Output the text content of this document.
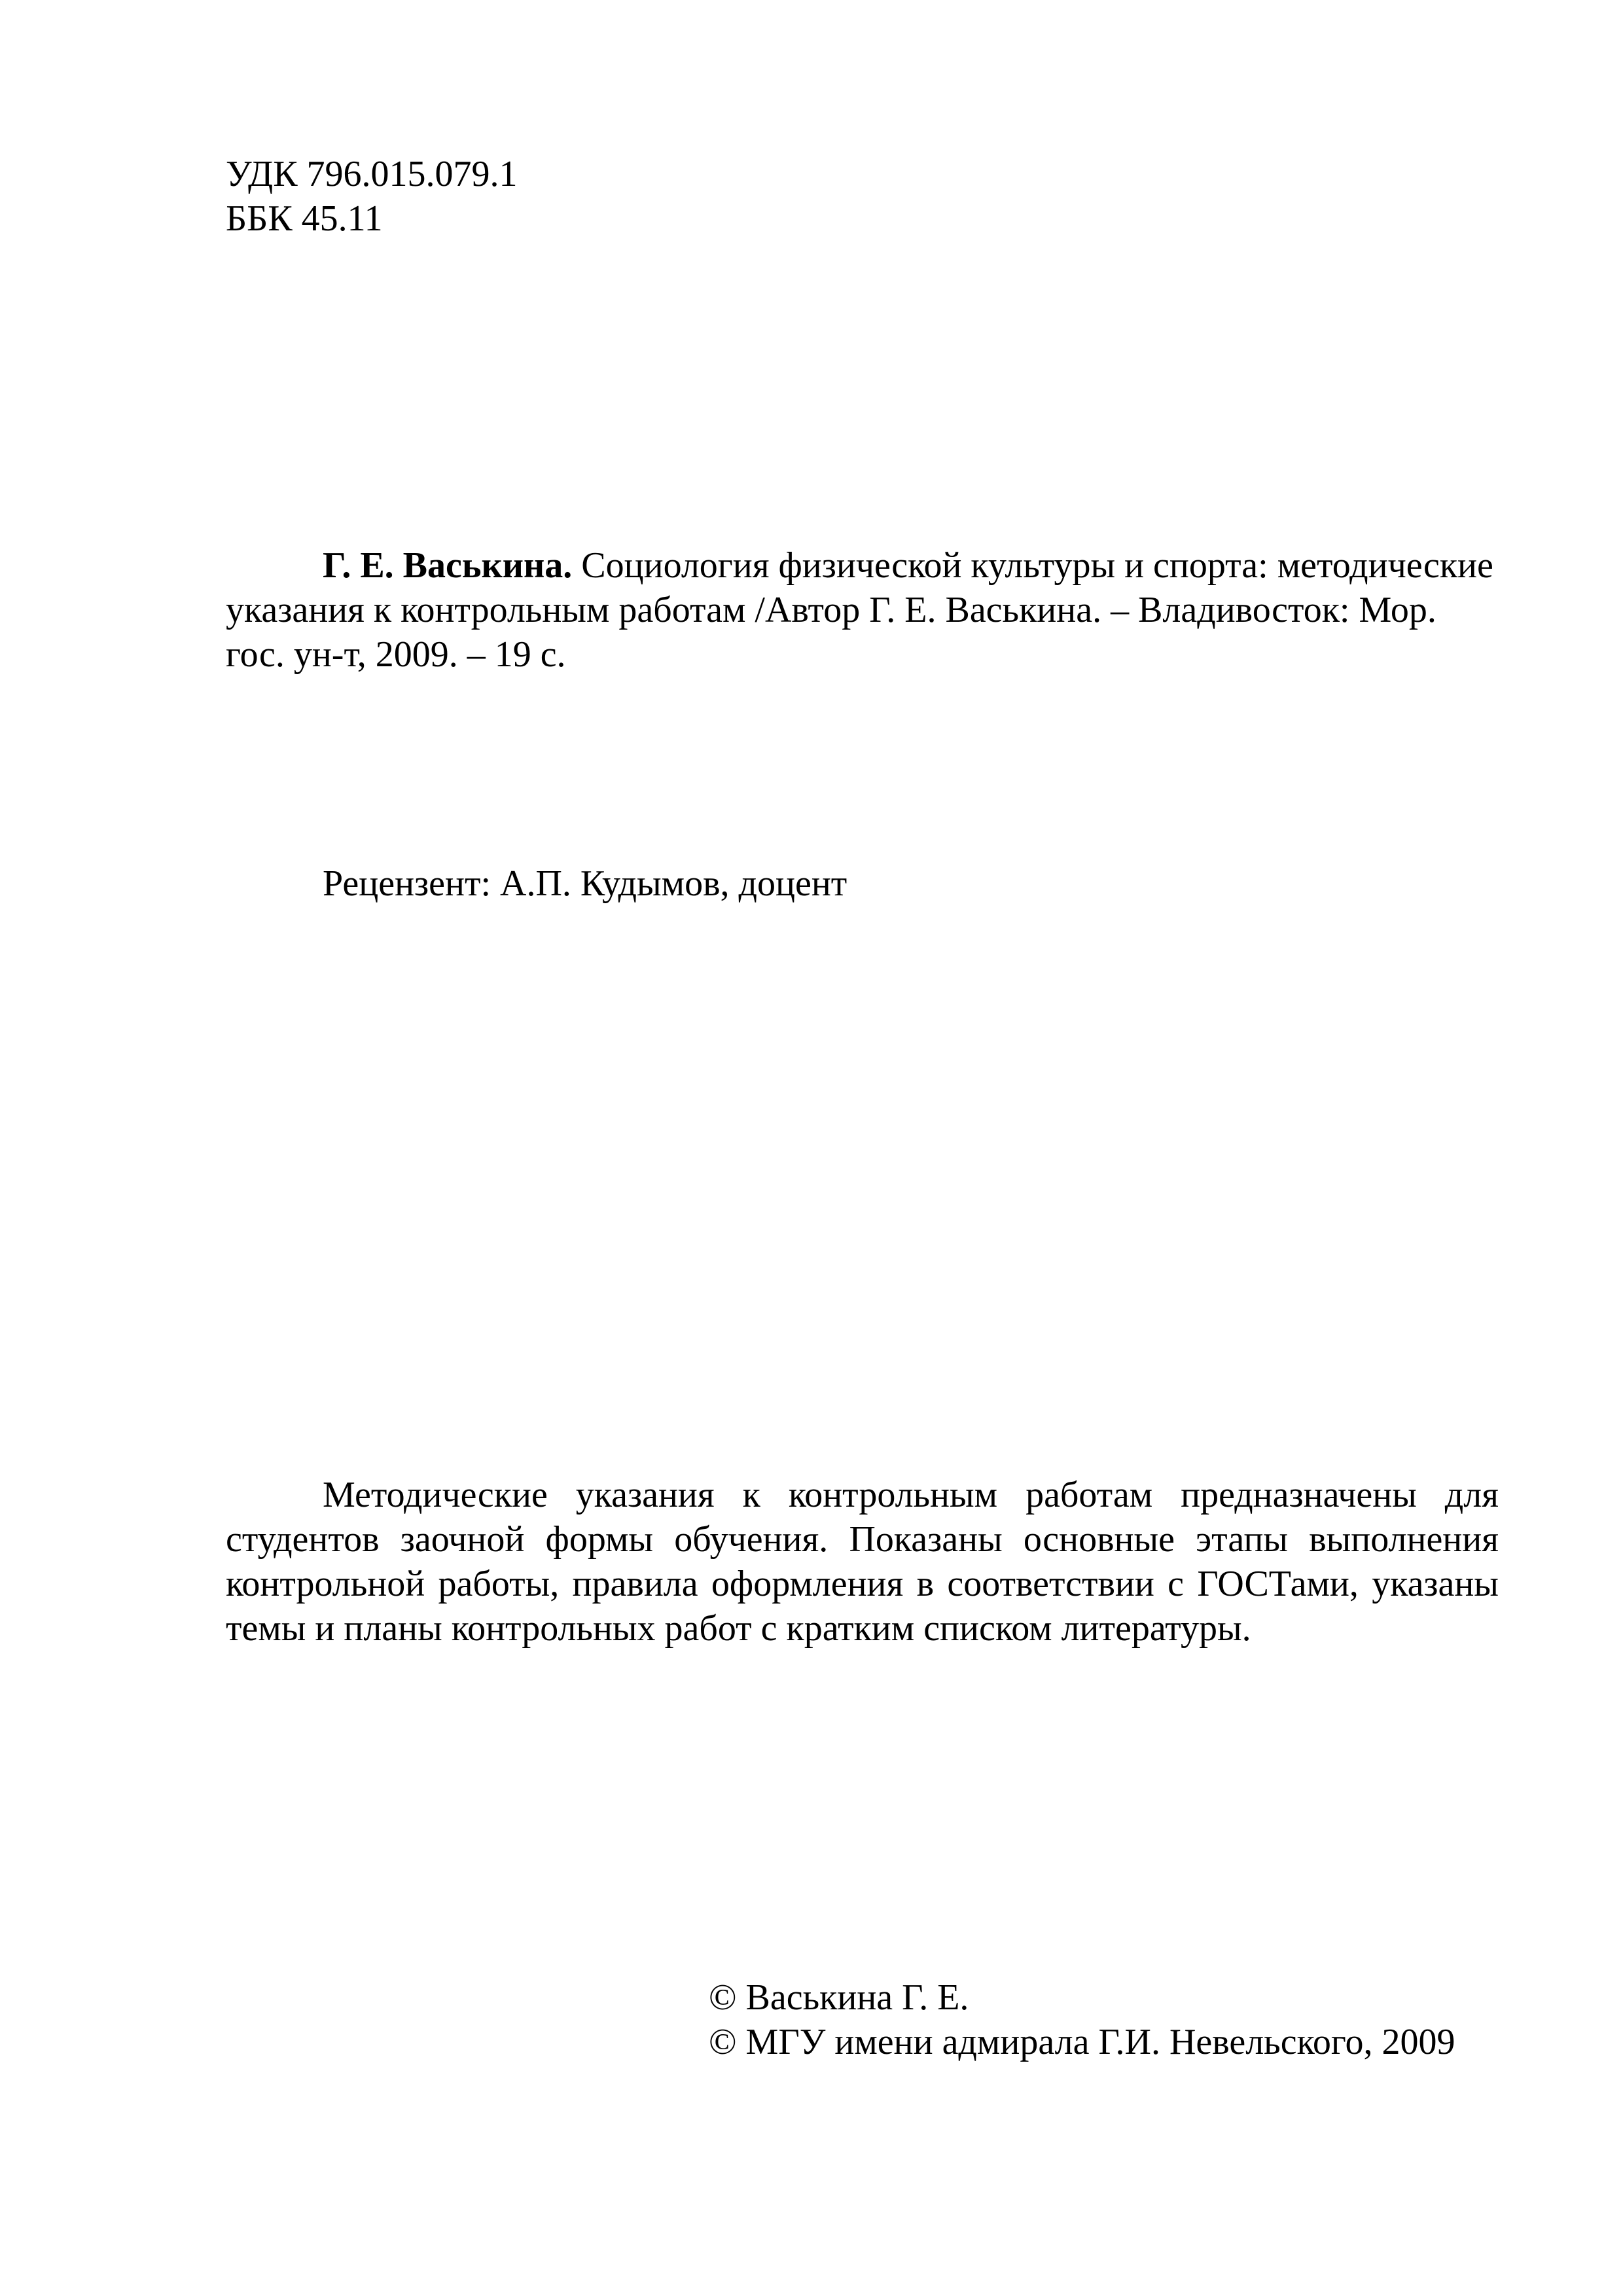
УДК 796.015.079.1
ББК 45.11

Г. Е. Васькина. Социология физической культуры и спорта: методические указания к контрольным работам /Автор Г. Е. Васькина. – Владивосток: Мор. гос. ун-т, 2009. – 19 с.

Рецензент: А.П. Кудымов, доцент

Методические указания к контрольным работам предназначены для студентов заочной формы обучения. Показаны основные этапы выполнения контрольной работы, правила оформления в соответствии с ГОСТами, указаны темы и планы контрольных работ с кратким списком литературы.

© Васькина Г. Е.
© МГУ имени адмирала Г.И. Невельского, 2009
